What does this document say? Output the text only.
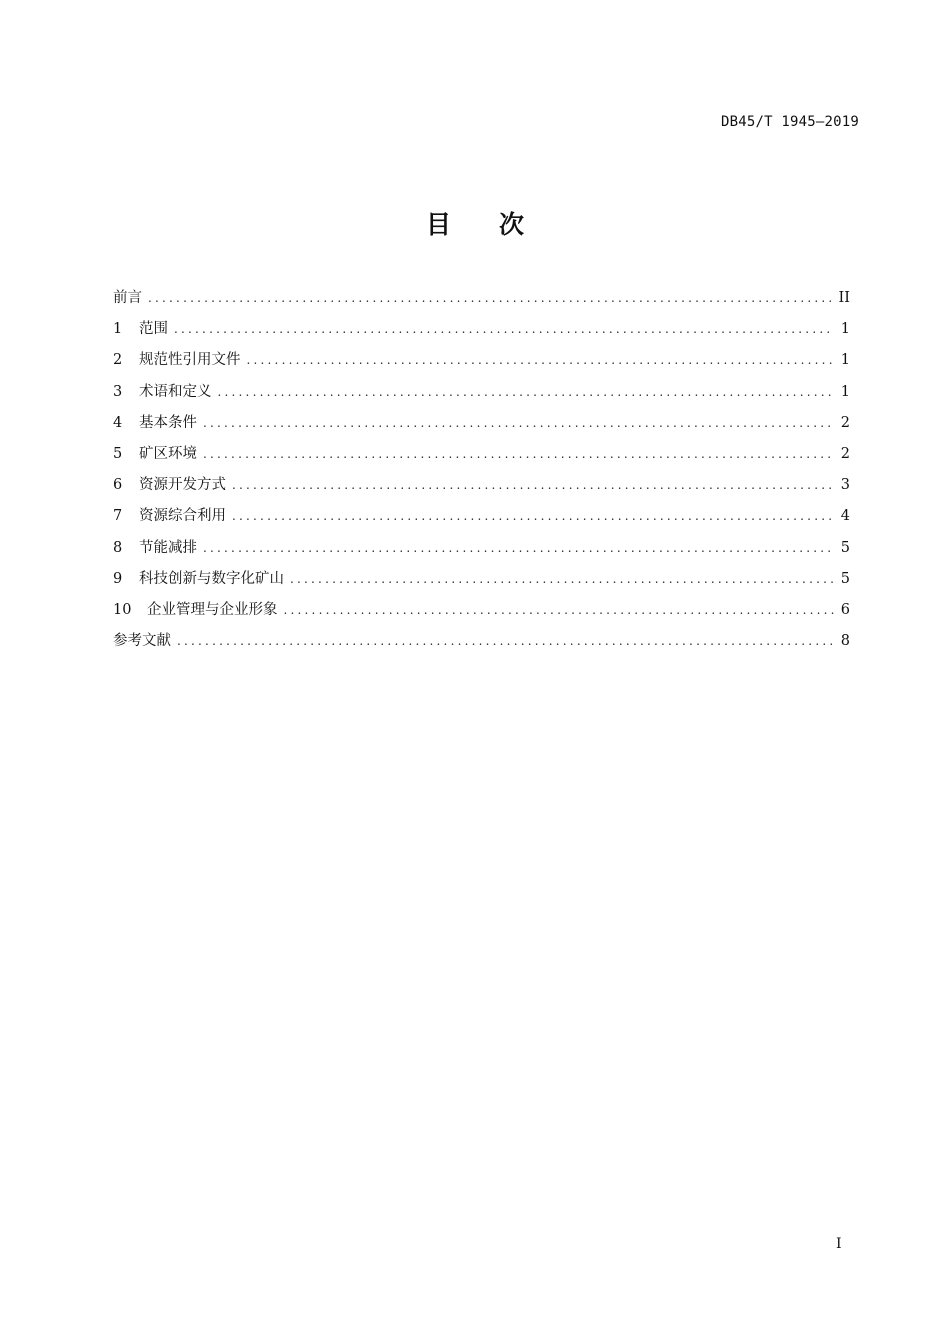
DB45/T 1945—2019
目 次
前言 .....	II
1	范围 .....	1
2	规范性引用文件 .....	1
3	术语和定义 .....	1
4	基本条件 .....	2
5	矿区环境 .....	2
6	资源开发方式 .....	3
7	资源综合利用 .....	4
8	节能减排 .....	5
9	科技创新与数字化矿山 .....	5
10	企业管理与企业形象 .....	6
参考文献 .....	8
I
